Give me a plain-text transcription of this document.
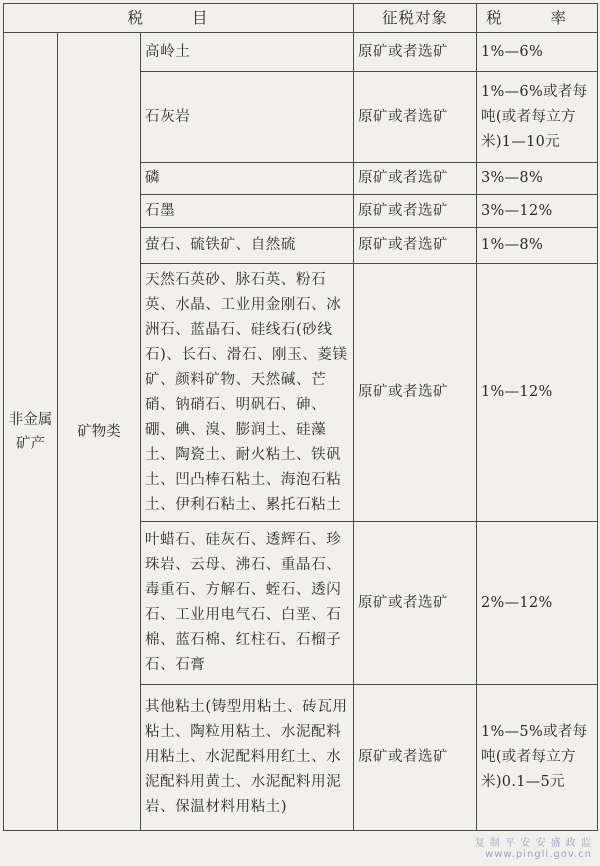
税 目			征税对象	税 率
非金属矿产	矿物类	高岭土	原矿或者选矿	1%—6%
		石灰岩	原矿或者选矿	1%—6%或者每吨(或者每立方米)1—10元
		磷	原矿或者选矿	3%—8%
		石墨	原矿或者选矿	3%—12%
		萤石、硫铁矿、自然硫	原矿或者选矿	1%—8%
		天然石英砂、脉石英、粉石英、水晶、工业用金刚石、冰洲石、蓝晶石、硅线石(砂线石)、长石、滑石、刚玉、菱镁矿、颜料矿物、天然碱、芒硝、钠硝石、明矾石、砷、硼、碘、溴、膨润土、硅藻土、陶瓷土、耐火粘土、铁矾土、凹凸棒石粘土、海泡石粘土、伊利石粘土、累托石粘土	原矿或者选矿	1%—12%
		叶蜡石、硅灰石、透辉石、珍珠岩、云母、沸石、重晶石、毒重石、方解石、蛭石、透闪石、工业用电气石、白垩、石棉、蓝石棉、红柱石、石榴子石、石膏	原矿或者选矿	2%—12%
		其他粘土(铸型用粘土、砖瓦用粘土、陶粒用粘土、水泥配料用粘土、水泥配料用红土、水泥配料用黄土、水泥配料用泥岩、保温材料用粘土)	原矿或者选矿	1%—5%或者每吨(或者每立方米)0.1—5元
复 制 平 安 安 盛 政 监
www.pingli.gov.cn
